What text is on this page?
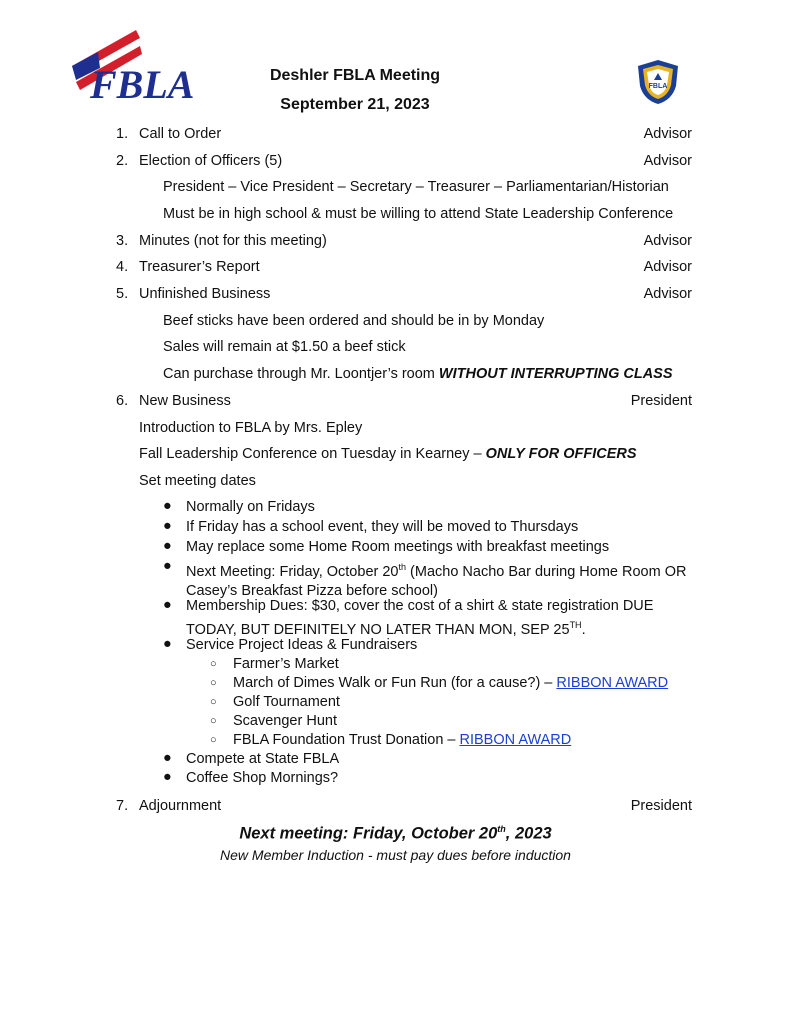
FBLA	Deshler FBLA Meeting
September 21, 2023
FBLA
1. Call to Order	Advisor
2. Election of Officers (5)	Advisor
President – Vice President – Secretary – Treasurer – Parliamentarian/Historian
Must be in high school & must be willing to attend State Leadership Conference
3. Minutes (not for this meeting)	Advisor
4. Treasurer’s Report	Advisor
5. Unfinished Business	Advisor
Beef sticks have been ordered and should be in by Monday
Sales will remain at $1.50 a beef stick
Can purchase through Mr. Loontjer’s room WITHOUT INTERRUPTING CLASS
6. New Business	President
Introduction to FBLA by Mrs. Epley
Fall Leadership Conference on Tuesday in Kearney – ONLY FOR OFFICERS
Set meeting dates
● Normally on Fridays
● If Friday has a school event, they will be moved to Thursdays
● May replace some Home Room meetings with breakfast meetings
● Next Meeting: Friday, October 20th (Macho Nacho Bar during Home Room OR Casey’s Breakfast Pizza before school)
● Membership Dues: $30, cover the cost of a shirt & state registration DUE TODAY, BUT DEFINITELY NO LATER THAN MON, SEP 25TH.
● Service Project Ideas & Fundraisers
○ Farmer’s Market
○ March of Dimes Walk or Fun Run (for a cause?) – RIBBON AWARD
○ Golf Tournament
○ Scavenger Hunt
○ FBLA Foundation Trust Donation – RIBBON AWARD
● Compete at State FBLA
● Coffee Shop Mornings?
7. Adjournment	President
Next meeting: Friday, October 20th, 2023
New Member Induction - must pay dues before induction
